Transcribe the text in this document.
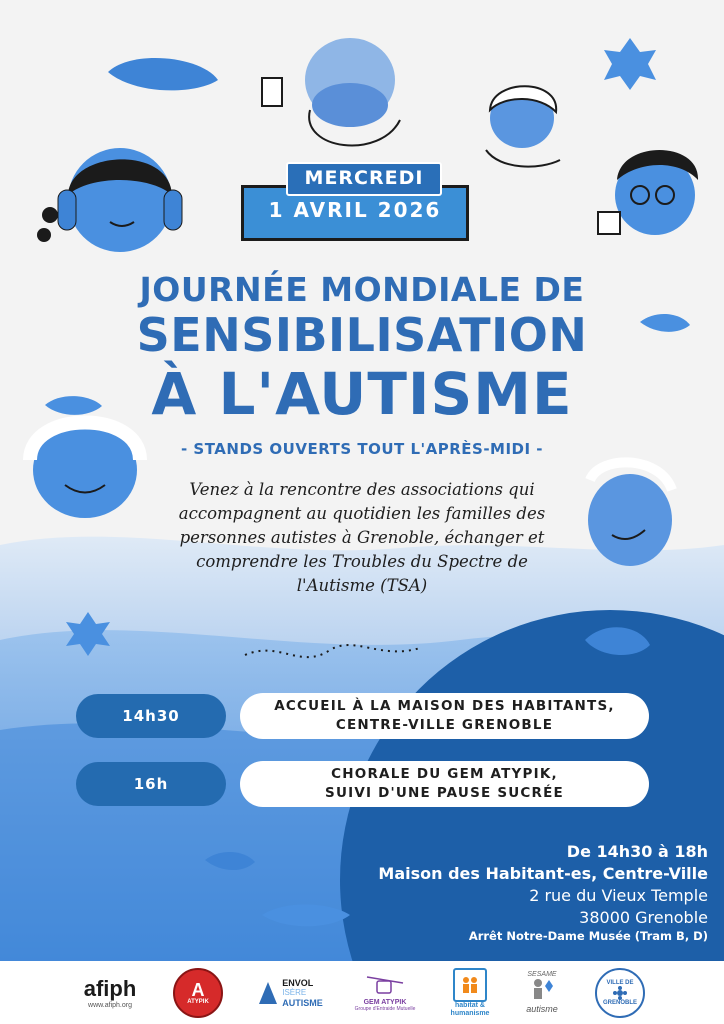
MERCREDI
1 AVRIL 2026
JOURNÉE MONDIALE DE
SENSIBILISATION
À L'AUTISME
- STANDS OUVERTS TOUT L'APRÈS-MIDI -
Venez à la rencontre des associations qui
accompagnent au quotidien les familles des
personnes autistes à Grenoble, échanger et
comprendre les Troubles du Spectre de
l'Autisme (TSA)
14h30
ACCUEIL À LA MAISON DES HABITANTS,
CENTRE-VILLE GRENOBLE
16h
CHORALE DU GEM ATYPIK,
SUIVI D'UNE PAUSE SUCRÉE
De 14h30 à 18h
Maison des Habitant-es, Centre-Ville
2 rue du Vieux Temple
38000 Grenoble
Arrêt Notre-Dame Musée (Tram B, D)
afiph
www.afiph.org
A
ATYPIK
ENVOL
ISÈRE
AUTISME	GEM ATYPIK
Groupe d'Entraide Mutuelle
habitat &
humanisme
SESAME
autisme
VILLE DE
GRENOBLE
